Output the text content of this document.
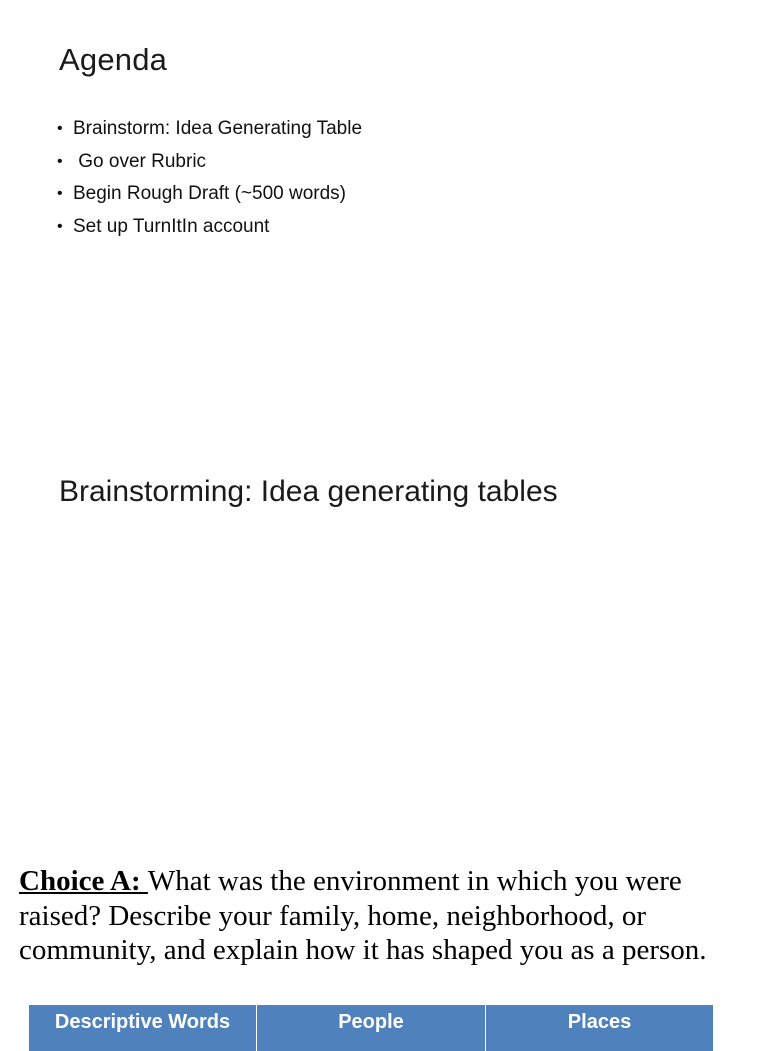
Agenda
• Brainstorm: Idea Generating Table
• Go over Rubric
• Begin Rough Draft (~500 words)
• Set up TurnItIn account
Brainstorming: Idea generating tables

Choice A: What was the environment in which you were raised? Describe your family, home, neighborhood, or community, and explain how it has shaped you as a person.

Descriptive Words	People	Places
